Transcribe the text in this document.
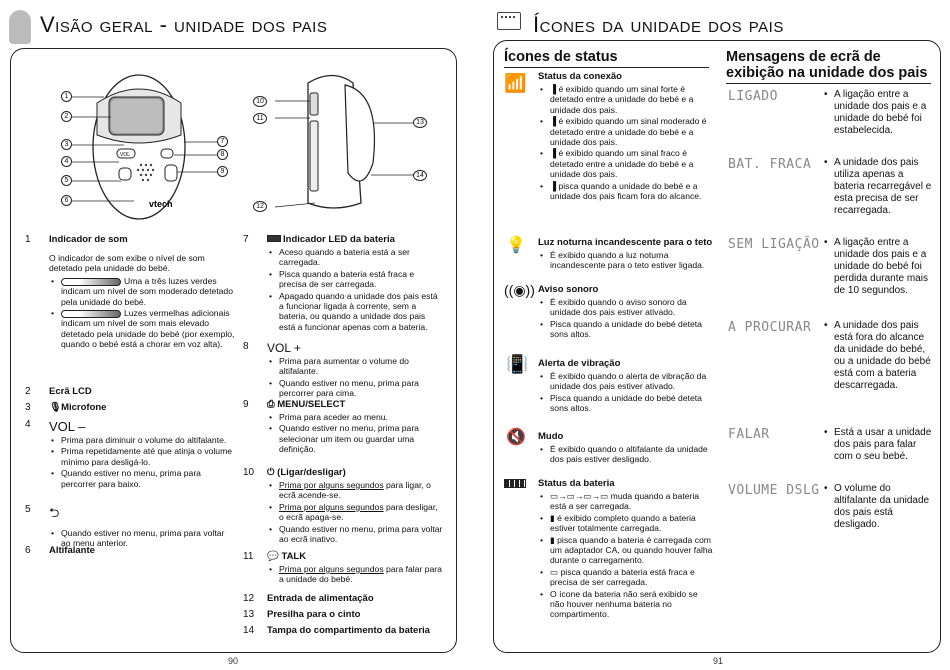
Visão geral - unidade dos pais
VOL
vtech
1
2
3
4
5
6
7
8
9
10
11
12
13
14
1 Indicador de som
O indicador de som exibe o nível de som detetado pela unidade do bebé.
• Uma a três luzes verdes indicam um nível de som moderado detetado pela unidade do bebé.
• Luzes vermelhas adicionais indicam um nível de som mais elevado detetado pela unidade do bebé (por exemplo, quando o bebé está a chorar em voz alta).
2 Ecrã LCD
3 🎙Microfone
4 VOL –
• Prima para diminuir o volume do altifalante.
• Prima repetidamente até que atinja o volume mínimo para desligá-lo.
• Quando estiver no menu, prima para percorrer para baixo.
5 ⮌
• Quando estiver no menu, prima para voltar ao menu anterior.
6 Altifalante
7	Indicador LED da bateria
• Aceso quando a bateria está a ser carregada.
• Pisca quando a bateria está fraca e precisa de ser carregada.
• Apagado quando a unidade dos pais está a funcionar ligada à corrente, sem a bateria, ou quando a unidade dos pais está a funcionar apenas com a bateria.
8 VOL +
• Prima para aumentar o volume do altifalante.
• Quando estiver no menu, prima para percorrer para cima.
9 ⎙ MENU/SELECT
• Prima para aceder ao menu.
• Quando estiver no menu, prima para selecionar um item ou guardar uma definição.
10 ⏻ (Ligar/desligar)
• Prima por alguns segundos para ligar, o ecrã acende-se.
• Prima por alguns segundos para desligar, o ecrã apaga-se.
• Quando estiver no menu, prima para voltar ao ecrã inativo.
11 💬 TALK
• Prima por alguns segundos para falar para a unidade do bebé.
12 Entrada de alimentação
13 Presilha para o cinto
14 Tampa do compartimento da bateria
90
Ícones da unidade dos pais
Ícones de status	Mensagens de ecrã de exibição na unidade dos pais
📶 Status da conexão
• ▐ é exibido quando um sinal forte é detetado entre a unidade do bebé e a unidade dos pais.
• ▐ é exibido quando um sinal moderado é detetado entre a unidade do bebé e a unidade dos pais.
• ▐ é exibido quando um sinal fraco é detetado entre a unidade do bebé e a unidade dos pais.
• ▐ pisca quando a unidade do bebé e a unidade dos pais ficam fora do alcance.
💡 Luz noturna incandescente para o teto
• É exibido quando a luz noturna incandescente para o teto estiver ligada.
((◉)) Aviso sonoro
• É exibido quando o aviso sonoro da unidade dos pais estiver ativado.
• Pisca quando a unidade do bebé deteta sons altos.
📳 Alerta de vibração
• É exibido quando o alerta de vibração da unidade dos pais estiver ativado.
• Pisca quando a unidade do bebé deteta sons altos.
🔇 Mudo
• É exibido quando o altifalante da unidade dos pais estiver desligado.
Status da bateria
• ▭→▭→▭→▭ muda quando a bateria está a ser carregada.
• ▮ é exibido completo quando a bateria estiver totalmente carregada.
• ▮ pisca quando a bateria é carregada com um adaptador CA, ou quando houver falha durante o carregamento.
• ▭ pisca quando a bateria está fraca e precisa de ser carregada.
• O ícone da bateria não será exibido se não houver nenhuma bateria no compartimento.
LIGADO	• A ligação entre a unidade dos pais e a unidade do bebé foi estabelecida.
BAT. FRACA	• A unidade dos pais utiliza apenas a bateria recarregável e esta precisa de ser recarregada.
SEM LIGAÇÃO	• A ligação entre a unidade dos pais e a unidade do bebé foi perdida durante mais de 10 segundos.
A PROCURAR	• A unidade dos pais está fora do alcance da unidade do bebé, ou a unidade do bebé está com a bateria descarregada.
FALAR	• Está a usar a unidade dos pais para falar com o seu bebé.
VOLUME DSLG	• O volume do altifalante da unidade dos pais está desligado.
91
